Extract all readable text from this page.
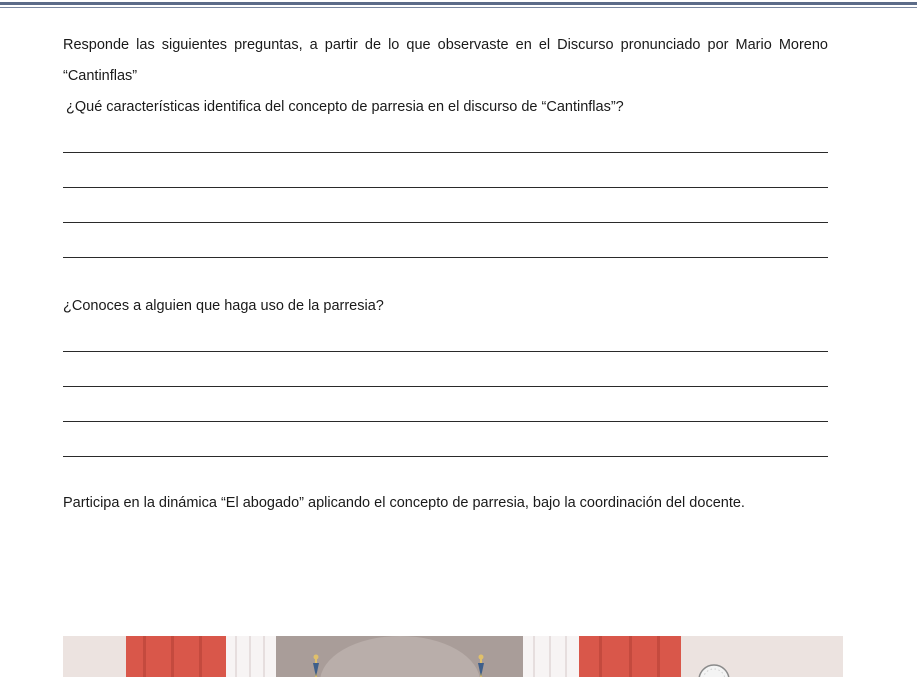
Responde las siguientes preguntas, a partir de lo que observaste en el Discurso pronunciado por Mario Moreno “Cantinflas”

¿Qué características identifica del concepto de parresia en el discurso de “Cantinflas”?

¿Conoces a alguien que haga uso de la parresia?

Participa en la dinámica “El abogado” aplicando el concepto de parresia, bajo la coordinación del docente.
